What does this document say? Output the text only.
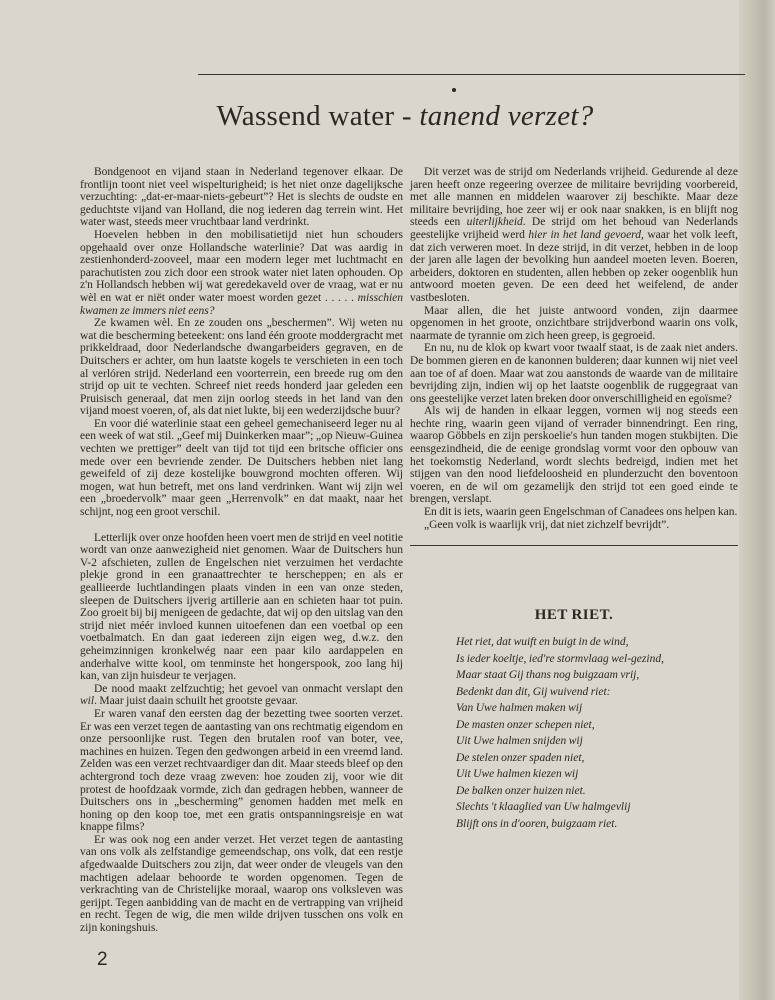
Wassend water - tanend verzet?

Bondgenoot en vijand staan in Nederland tegenover elkaar. De frontlijn toont niet veel wispelturigheid; is het niet onze dagelijksche verzuchting: „dat-er-maar-niets-gebeurt”? Het is slechts de oudste en geduchtste vijand van Holland, die nog iederen dag terrein wint. Het water wast, steeds meer vruchtbaar land verdrinkt.

Hoevelen hebben in den mobilisatietijd niet hun schouders opgehaald over onze Hollandsche waterlinie? Dat was aardig in zestienhonderd-zooveel, maar een modern leger met luchtmacht en parachutisten zou zich door een strook water niet laten ophouden. Op z'n Hollandsch hebben wij wat geredekaveld over de vraag, wat er nu wèl en wat er niët onder water moest worden gezet . . . . . misschien kwamen ze immers niet eens?

Ze kwamen wèl. En ze zouden ons „beschermen”. Wij weten nu wat die bescherming beteekent: ons land één groote moddergracht met prikkeldraad, door Nederlandsche dwangarbeiders gegraven, en de Duitschers er achter, om hun laatste kogels te verschieten in een toch al verlóren strijd. Nederland een voorterrein, een breede rug om den strijd op uit te vechten. Schreef niet reeds honderd jaar geleden een Pruisisch generaal, dat men zijn oorlog steeds in het land van den vijand moest voeren, of, als dat niet lukte, bij een wederzijdsche buur?

En voor dié waterlinie staat een geheel gemechaniseerd leger nu al een week of wat stil. „Geef mij Duinkerken maar”; „op Nieuw-Guinea vechten we prettiger” deelt van tijd tot tijd een britsche officier ons mede over een bevriende zender. De Duitschers hebben niet lang geweifeld of zij deze kostelijke bouwgrond mochten offeren. Wij mogen, wat hun betreft, met ons land verdrinken. Want wij zijn wel een „broedervolk” maar geen „Herrenvolk” en dat maakt, naar het schijnt, nog een groot verschil.

Letterlijk over onze hoofden heen voert men de strijd en veel notitie wordt van onze aanwezigheid niet genomen. Waar de Duitschers hun V-2 afschieten, zullen de Engelschen niet verzuimen het verdachte plekje grond in een granaattrechter te herscheppen; en als er geallieerde luchtlandingen plaats vinden in een van onze steden, sleepen de Duitschers ijverig artillerie aan en schieten haar tot puin. Zoo groeit bij bij menigeen de gedachte, dat wij op den uitslag van den strijd niet méér invloed kunnen uitoefenen dan een voetbal op een voetbalmatch. En dan gaat iedereen zijn eigen weg, d.w.z. den geheimzinnigen kronkelwég naar een paar kilo aardappelen en anderhalve witte kool, om tenminste het hongerspook, zoo lang hij kan, van zijn huisdeur te verjagen.

De nood maakt zelfzuchtig; het gevoel van onmacht verslapt den wil. Maar juist daain schuilt het grootste gevaar.

Er waren vanaf den eersten dag der bezetting twee soorten verzet. Er was een verzet tegen de aantasting van ons rechtmatig eigendom en onze persoonlijke rust. Tegen den brutalen roof van boter, vee, machines en huizen. Tegen den gedwongen arbeid in een vreemd land. Zelden was een verzet rechtvaardiger dan dit. Maar steeds bleef op den achtergrond toch deze vraag zweven: hoe zouden zij, voor wie dit protest de hoofdzaak vormde, zich dan gedragen hebben, wanneer de Duitschers ons in „bescherming” genomen hadden met melk en honing op den koop toe, met een gratis ontspanningsreisje en wat knappe films?

Er was ook nog een ander verzet. Het verzet tegen de aantasting van ons volk als zelfstandige gemeendschap, ons volk, dat een restje afgedwaalde Duitschers zou zijn, dat weer onder de vleugels van den machtigen adelaar behoorde te worden opgenomen. Tegen de verkrachting van de Christelijke moraal, waarop ons volksleven was gerijpt. Tegen aanbidding van de macht en de vertrapping van vrijheid en recht. Tegen de wig, die men wilde drijven tusschen ons volk en zijn koningshuis.

2

Dit verzet was de strijd om Nederlands vrijheid. Gedurende al deze jaren heeft onze regeering overzee de militaire bevrijding voorbereid, met alle mannen en middelen waarover zij beschikte. Maar deze militaire bevrijding, hoe zeer wij er ook naar snakken, is en blijft nog steeds een uiterlijkheid. De strijd om het behoud van Nederlands geestelijke vrijheid werd hier in het land gevoerd, waar het volk leeft, dat zich verweren moet. In deze strijd, in dit verzet, hebben in de loop der jaren alle lagen der bevolking hun aandeel moeten leven. Boeren, arbeiders, doktoren en studenten, allen hebben op zeker oogenblik hun antwoord moeten geven. De een deed het weifelend, de ander vastbesloten.

Maar allen, die het juiste antwoord vonden, zijn daarmee opgenomen in het groote, onzichtbare strijdverbond waarin ons volk, naarmate de tyrannie om zich heen greep, is gegroeid.

En nu, nu de klok op kwart voor twaalf staat, is de zaak niet anders. De bommen gieren en de kanonnen bulderen; daar kunnen wij niet veel aan toe of af doen. Maar wat zou aanstonds de waarde van de militaire bevrijding zijn, indien wij op het laatste oogenblik de ruggegraat van ons geestelijke verzet laten breken door onverschilligheid en egoïsme?

Als wij de handen in elkaar leggen, vormen wij nog steeds een hechte ring, waarin geen vijand of verrader binnendringt. Een ring, waarop Göbbels en zijn perskoelie's hun tanden mogen stukbijten. Die eensgezindheid, die de eenige grondslag vormt voor den opbouw van het toekomstig Nederland, wordt slechts bedreigd, indien met het stijgen van den nood liefdeloosheid en plunderzucht den boventoon voeren, en de wil om gezamelijk den strijd tot een goed einde te brengen, verslapt.

En dit is iets, waarin geen Engelschman of Canadees ons helpen kan.

„Geen volk is waarlijk vrij, dat niet zichzelf bevrijdt”.

HET RIET.
Het riet, dat wuift en buigt in de wind,
Is ieder koeltje, ied're stormvlaag wel-gezind,
Maar staat Gij thans nog buigzaam vrij,
Bedenkt dan dit, Gij wuivend riet:
Van Uwe halmen maken wij
De masten onzer schepen niet,
Uit Uwe halmen snijden wij
De stelen onzer spaden niet,
Uit Uwe halmen kiezen wij
De balken onzer huizen niet.
Slechts 't klaaglied van Uw halmgevlij
Blijft ons in d'ooren, buigzaam riet.
